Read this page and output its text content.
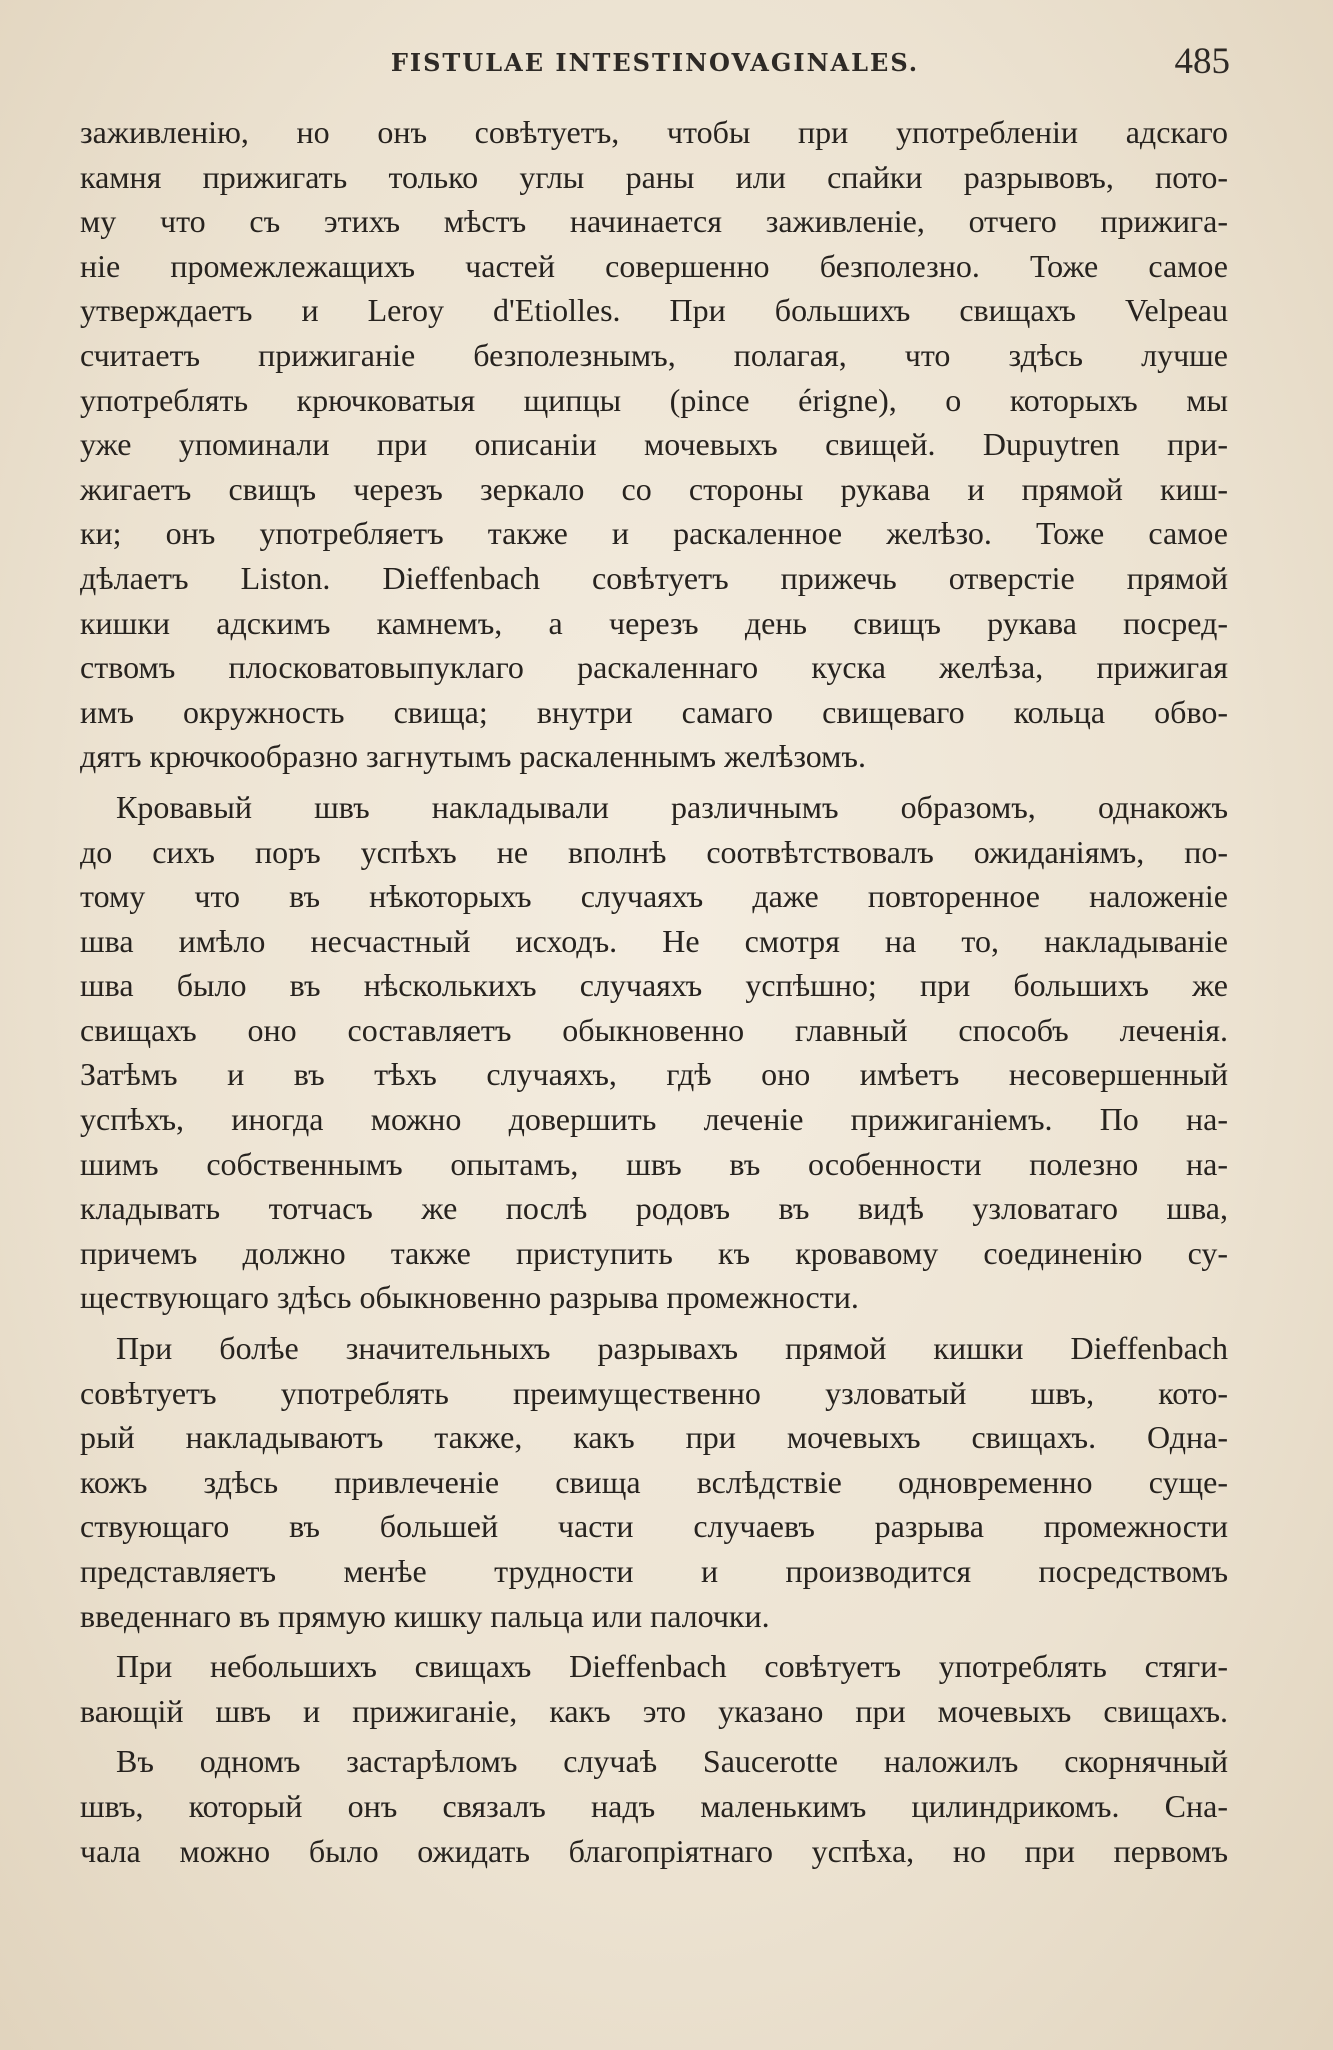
FISTULAE INTESTINOVAGINALES.	485
заживленію, но онъ совѣтуетъ, чтобы при употребленіи адскаго
камня прижигать только углы раны или спайки разрывовъ, пото-
му что съ этихъ мѣстъ начинается заживленіе, отчего прижига-
ніе промежлежащихъ частей совершенно безполезно. Тоже самое
утверждаетъ и Leroy d'Etiolles. При большихъ свищахъ Velpeau
считаетъ прижиганіе безполезнымъ, полагая, что здѣсь лучше
употреблять крючковатыя щипцы (pince érigne), о которыхъ мы
уже упоминали при описаніи мочевыхъ свищей. Dupuytren при-
жигаетъ свищъ черезъ зеркало со стороны рукава и прямой киш-
ки; онъ употребляетъ также и раскаленное желѣзо. Тоже самое
дѣлаетъ Liston. Dieffenbach совѣтуетъ прижечь отверстіе прямой
кишки адскимъ камнемъ, а черезъ день свищъ рукава посред-
ствомъ плосковатовыпуклаго раскаленнаго куска желѣза, прижигая
имъ окружность свища; внутри самаго свищеваго кольца обво-
дятъ крючкообразно загнутымъ раскаленнымъ желѣзомъ.
Кровавый швъ накладывали различнымъ образомъ, однакожъ
до сихъ поръ успѣхъ не вполнѣ соотвѣтствовалъ ожиданіямъ, по-
тому что въ нѣкоторыхъ случаяхъ даже повторенное наложеніе
шва имѣло несчастный исходъ. Не смотря на то, накладываніе
шва было въ нѣсколькихъ случаяхъ успѣшно; при большихъ же
свищахъ оно составляетъ обыкновенно главный способъ леченія.
Затѣмъ и въ тѣхъ случаяхъ, гдѣ оно имѣетъ несовершенный
успѣхъ, иногда можно довершить леченіе прижиганіемъ. По на-
шимъ собственнымъ опытамъ, швъ въ особенности полезно на-
кладывать тотчасъ же послѣ родовъ въ видѣ узловатаго шва,
причемъ должно также приступить къ кровавому соединенію су-
ществующаго здѣсь обыкновенно разрыва промежности.
При болѣе значительныхъ разрывахъ прямой кишки Dieffenbach
совѣтуетъ употреблять преимущественно узловатый швъ, кото-
рый накладываютъ также, какъ при мочевыхъ свищахъ. Одна-
кожъ здѣсь привлеченіе свища вслѣдствіе одновременно суще-
ствующаго въ большей части случаевъ разрыва промежности
представляетъ менѣе трудности и производится посредствомъ
введеннаго въ прямую кишку пальца или палочки.
При небольшихъ свищахъ Dieffenbach совѣтуетъ употреблять стяги-
вающій швъ и прижиганіе, какъ это указано при мочевыхъ свищахъ.
Въ одномъ застарѣломъ случаѣ Saucerotte наложилъ скорнячный
швъ, который онъ связалъ надъ маленькимъ цилиндрикомъ. Сна-
чала можно было ожидать благопріятнаго успѣха, но при первомъ
